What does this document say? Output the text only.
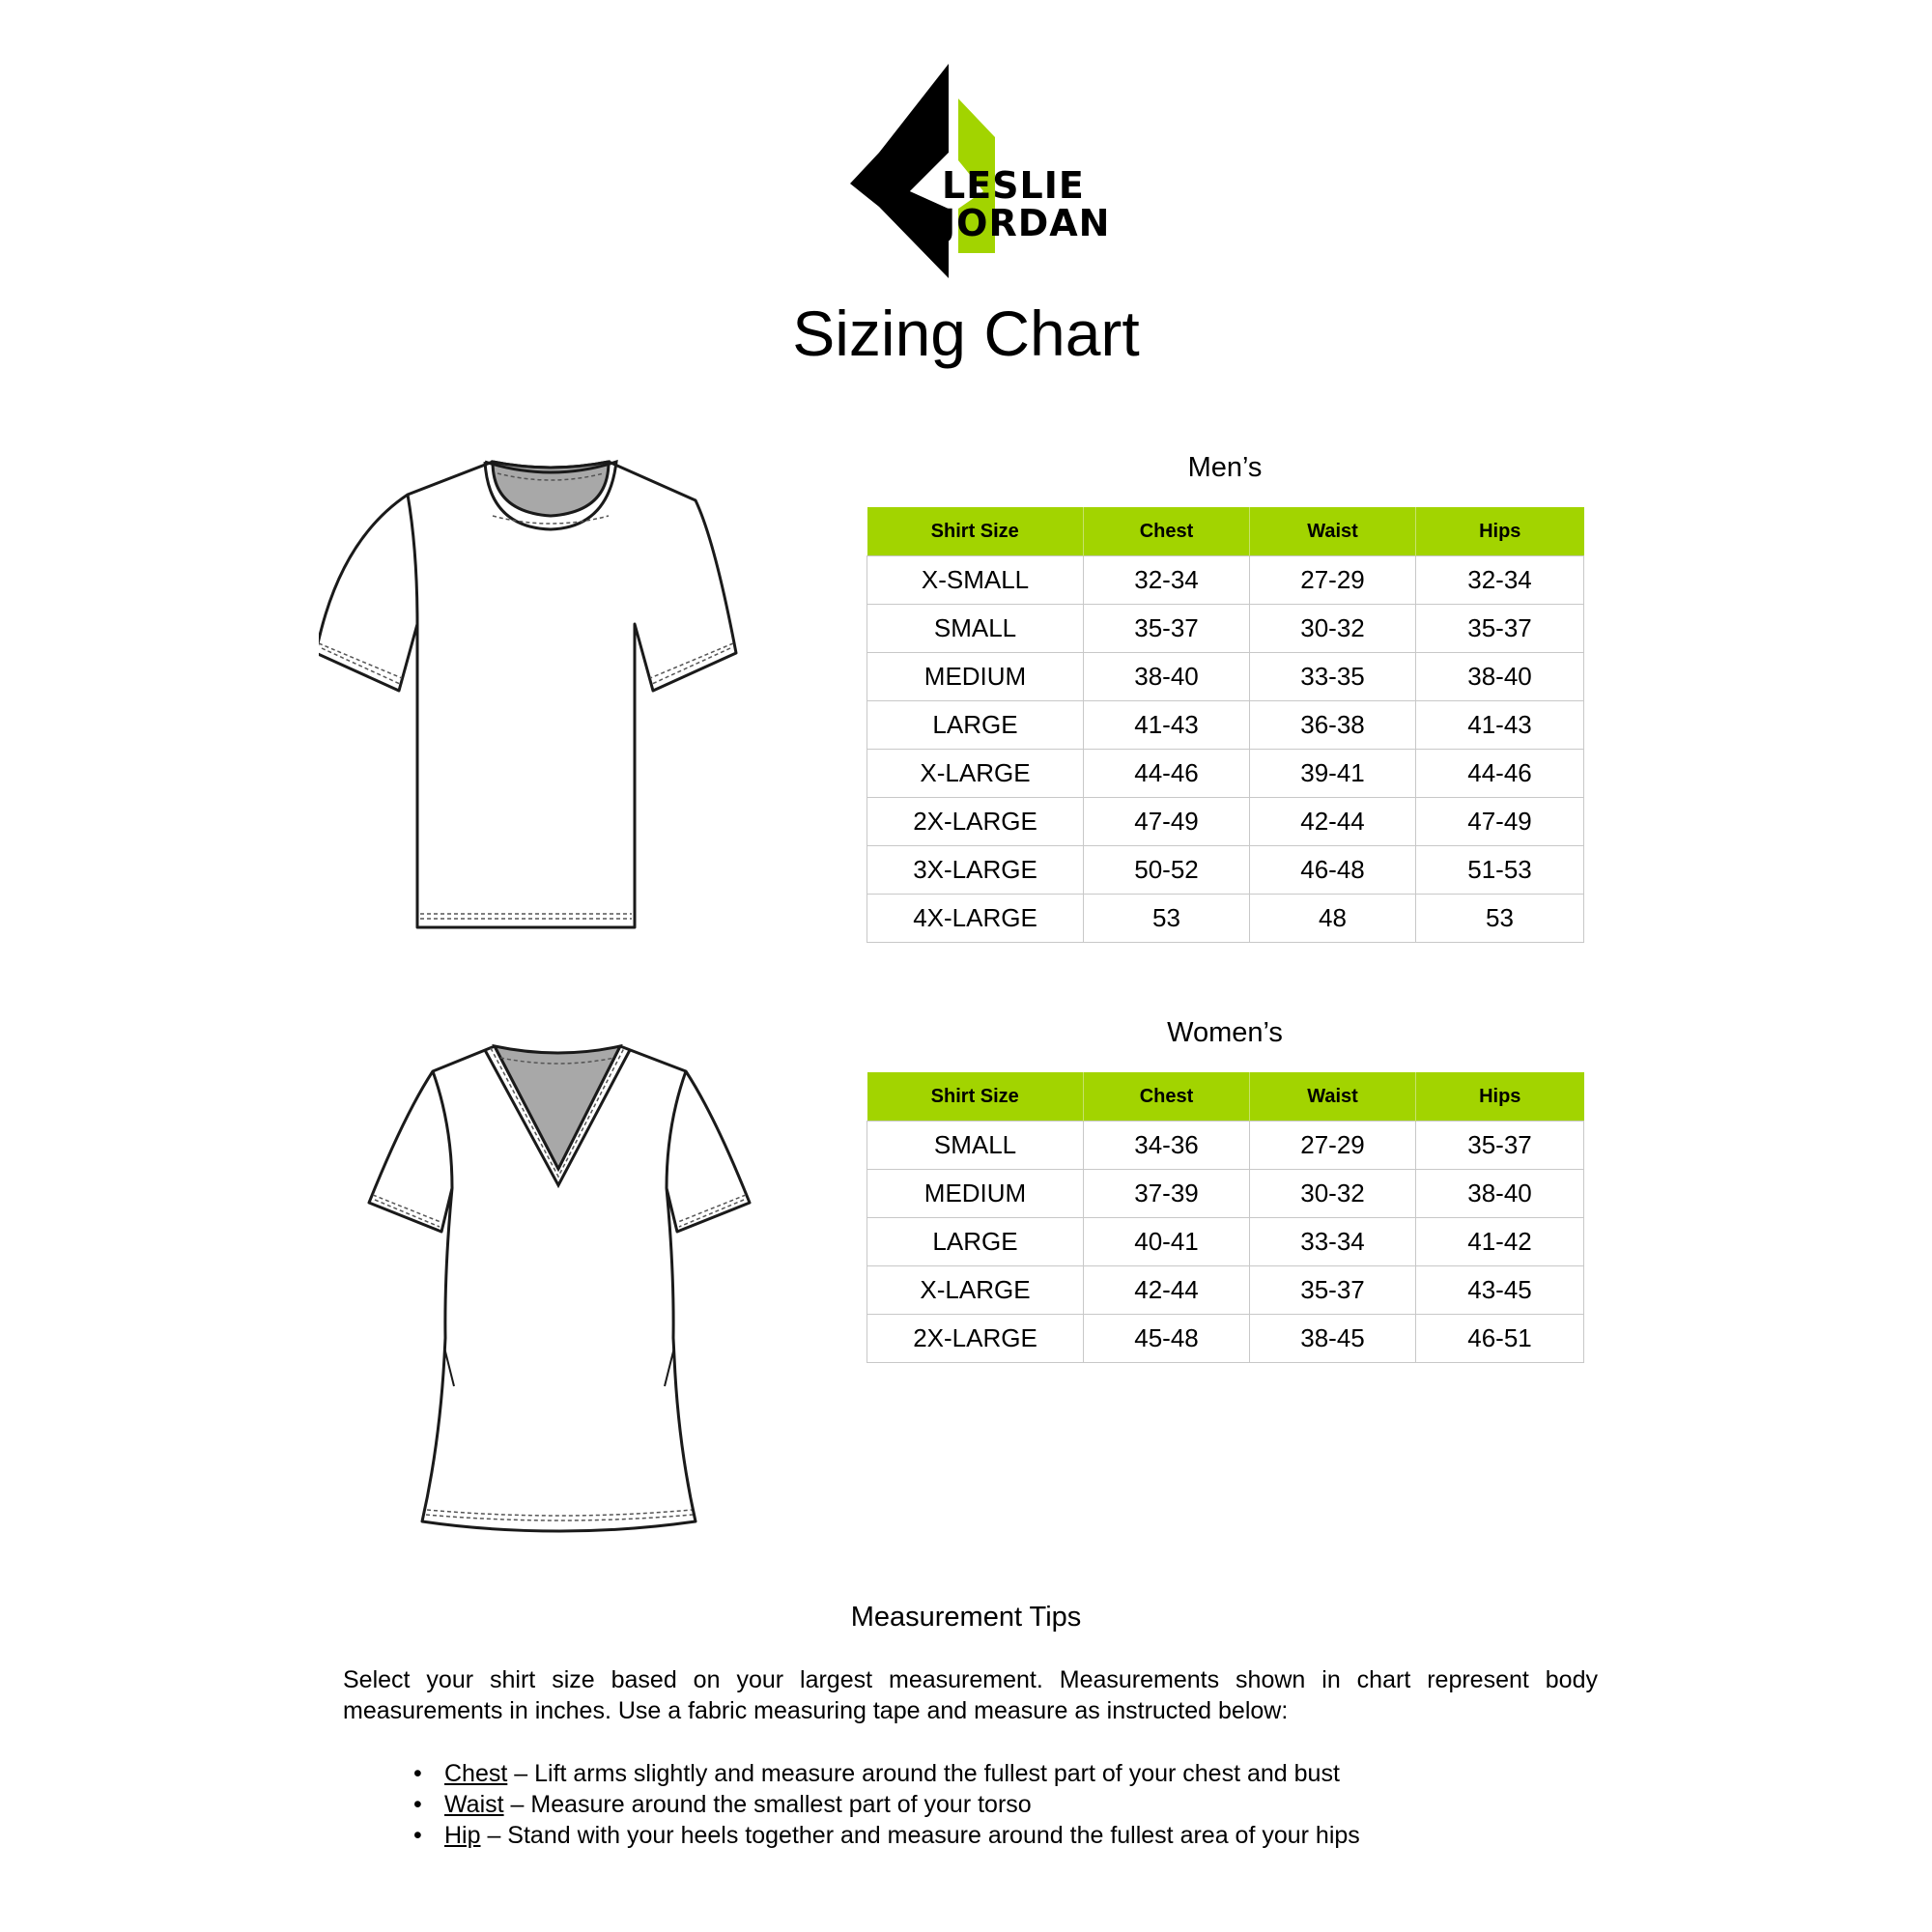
LESLIE
JORDAN
Sizing Chart
Men’s
Shirt Size	Chest	Waist	Hips
X-SMALL	32-34	27-29	32-34
SMALL	35-37	30-32	35-37
MEDIUM	38-40	33-35	38-40
LARGE	41-43	36-38	41-43
X-LARGE	44-46	39-41	44-46
2X-LARGE	47-49	42-44	47-49
3X-LARGE	50-52	46-48	51-53
4X-LARGE	53	48	53
Women’s
Shirt Size	Chest	Waist	Hips
SMALL	34-36	27-29	35-37
MEDIUM	37-39	30-32	38-40
LARGE	40-41	33-34	41-42
X-LARGE	42-44	35-37	43-45
2X-LARGE	45-48	38-45	46-51
Measurement Tips

Select your shirt size based on your largest measurement. Measurements shown in chart represent body measurements in inches. Use a fabric measuring tape and measure as instructed below:

• Chest – Lift arms slightly and measure around the fullest part of your chest and bust
• Waist – Measure around the smallest part of your torso
• Hip – Stand with your heels together and measure around the fullest area of your hips
